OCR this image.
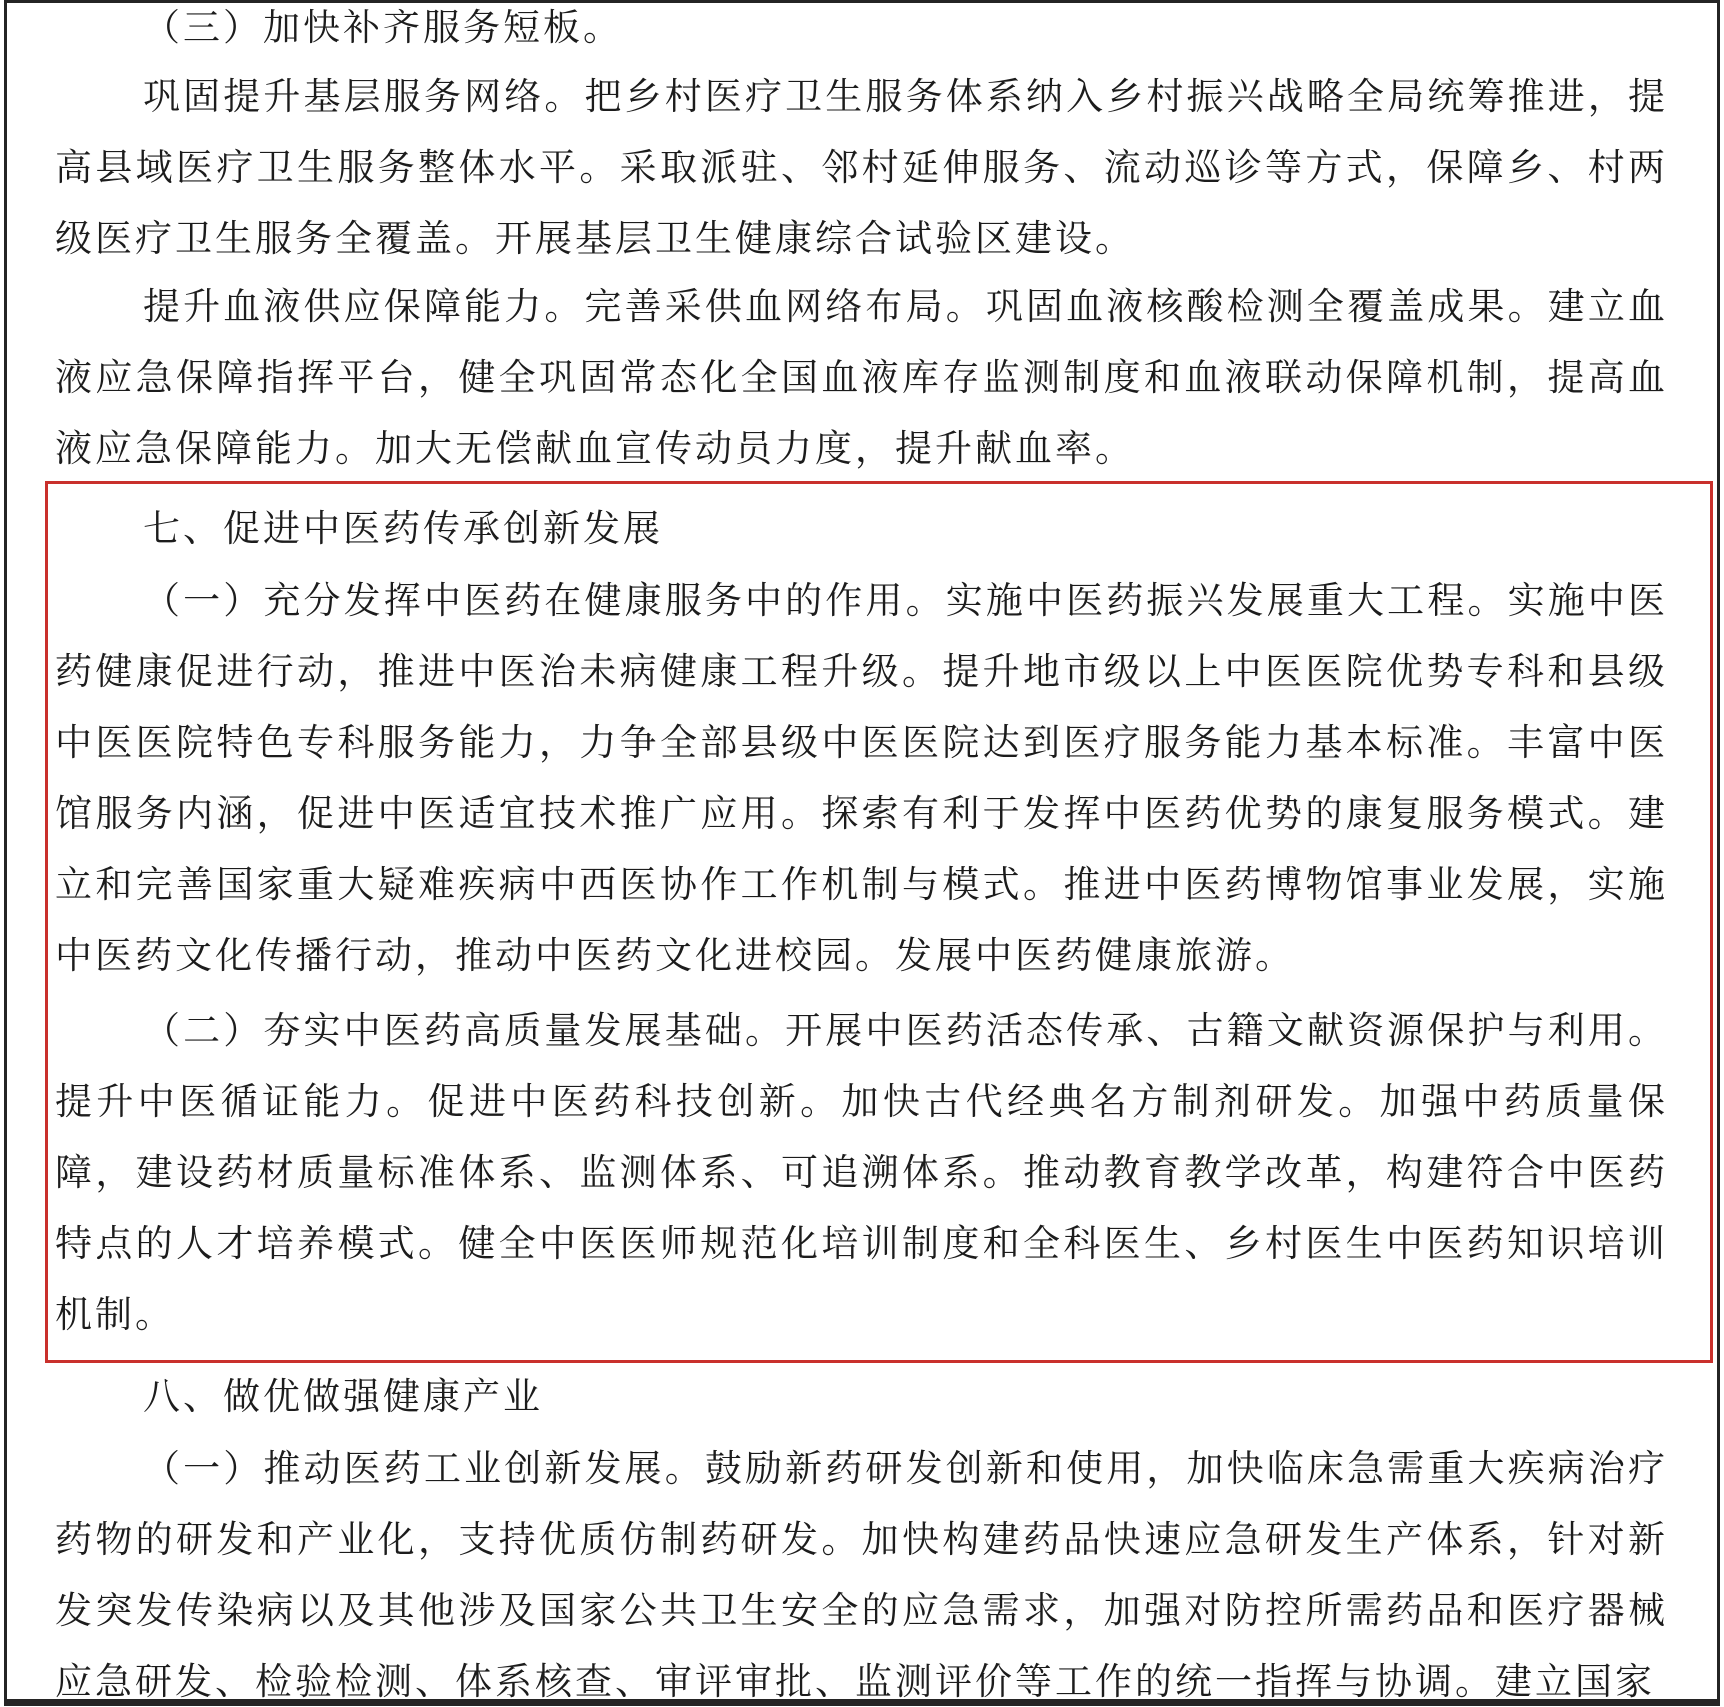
（三）加快补齐服务短板。
巩固提升基层服务网络。把乡村医疗卫生服务体系纳入乡村振兴战略全局统筹推进，提高县域医疗卫生服务整体水平。采取派驻、邻村延伸服务、流动巡诊等方式，保障乡、村两级医疗卫生服务全覆盖。开展基层卫生健康综合试验区建设。
提升血液供应保障能力。完善采供血网络布局。巩固血液核酸检测全覆盖成果。建立血液应急保障指挥平台，健全巩固常态化全国血液库存监测制度和血液联动保障机制，提高血液应急保障能力。加大无偿献血宣传动员力度，提升献血率。
七、促进中医药传承创新发展
（一）充分发挥中医药在健康服务中的作用。实施中医药振兴发展重大工程。实施中医药健康促进行动，推进中医治未病健康工程升级。提升地市级以上中医医院优势专科和县级中医医院特色专科服务能力，力争全部县级中医医院达到医疗服务能力基本标准。丰富中医馆服务内涵，促进中医适宜技术推广应用。探索有利于发挥中医药优势的康复服务模式。建立和完善国家重大疑难疾病中西医协作工作机制与模式。推进中医药博物馆事业发展，实施中医药文化传播行动，推动中医药文化进校园。发展中医药健康旅游。
（二）夯实中医药高质量发展基础。开展中医药活态传承、古籍文献资源保护与利用。提升中医循证能力。促进中医药科技创新。加快古代经典名方制剂研发。加强中药质量保障，建设药材质量标准体系、监测体系、可追溯体系。推动教育教学改革，构建符合中医药特点的人才培养模式。健全中医医师规范化培训制度和全科医生、乡村医生中医药知识培训机制。
八、做优做强健康产业
（一）推动医药工业创新发展。鼓励新药研发创新和使用，加快临床急需重大疾病治疗药物的研发和产业化，支持优质仿制药研发。加快构建药品快速应急研发生产体系，针对新发突发传染病以及其他涉及国家公共卫生安全的应急需求，加强对防控所需药品和医疗器械应急研发、检验检测、体系核查、审评审批、监测评价等工作的统一指挥与协调。建立国家
